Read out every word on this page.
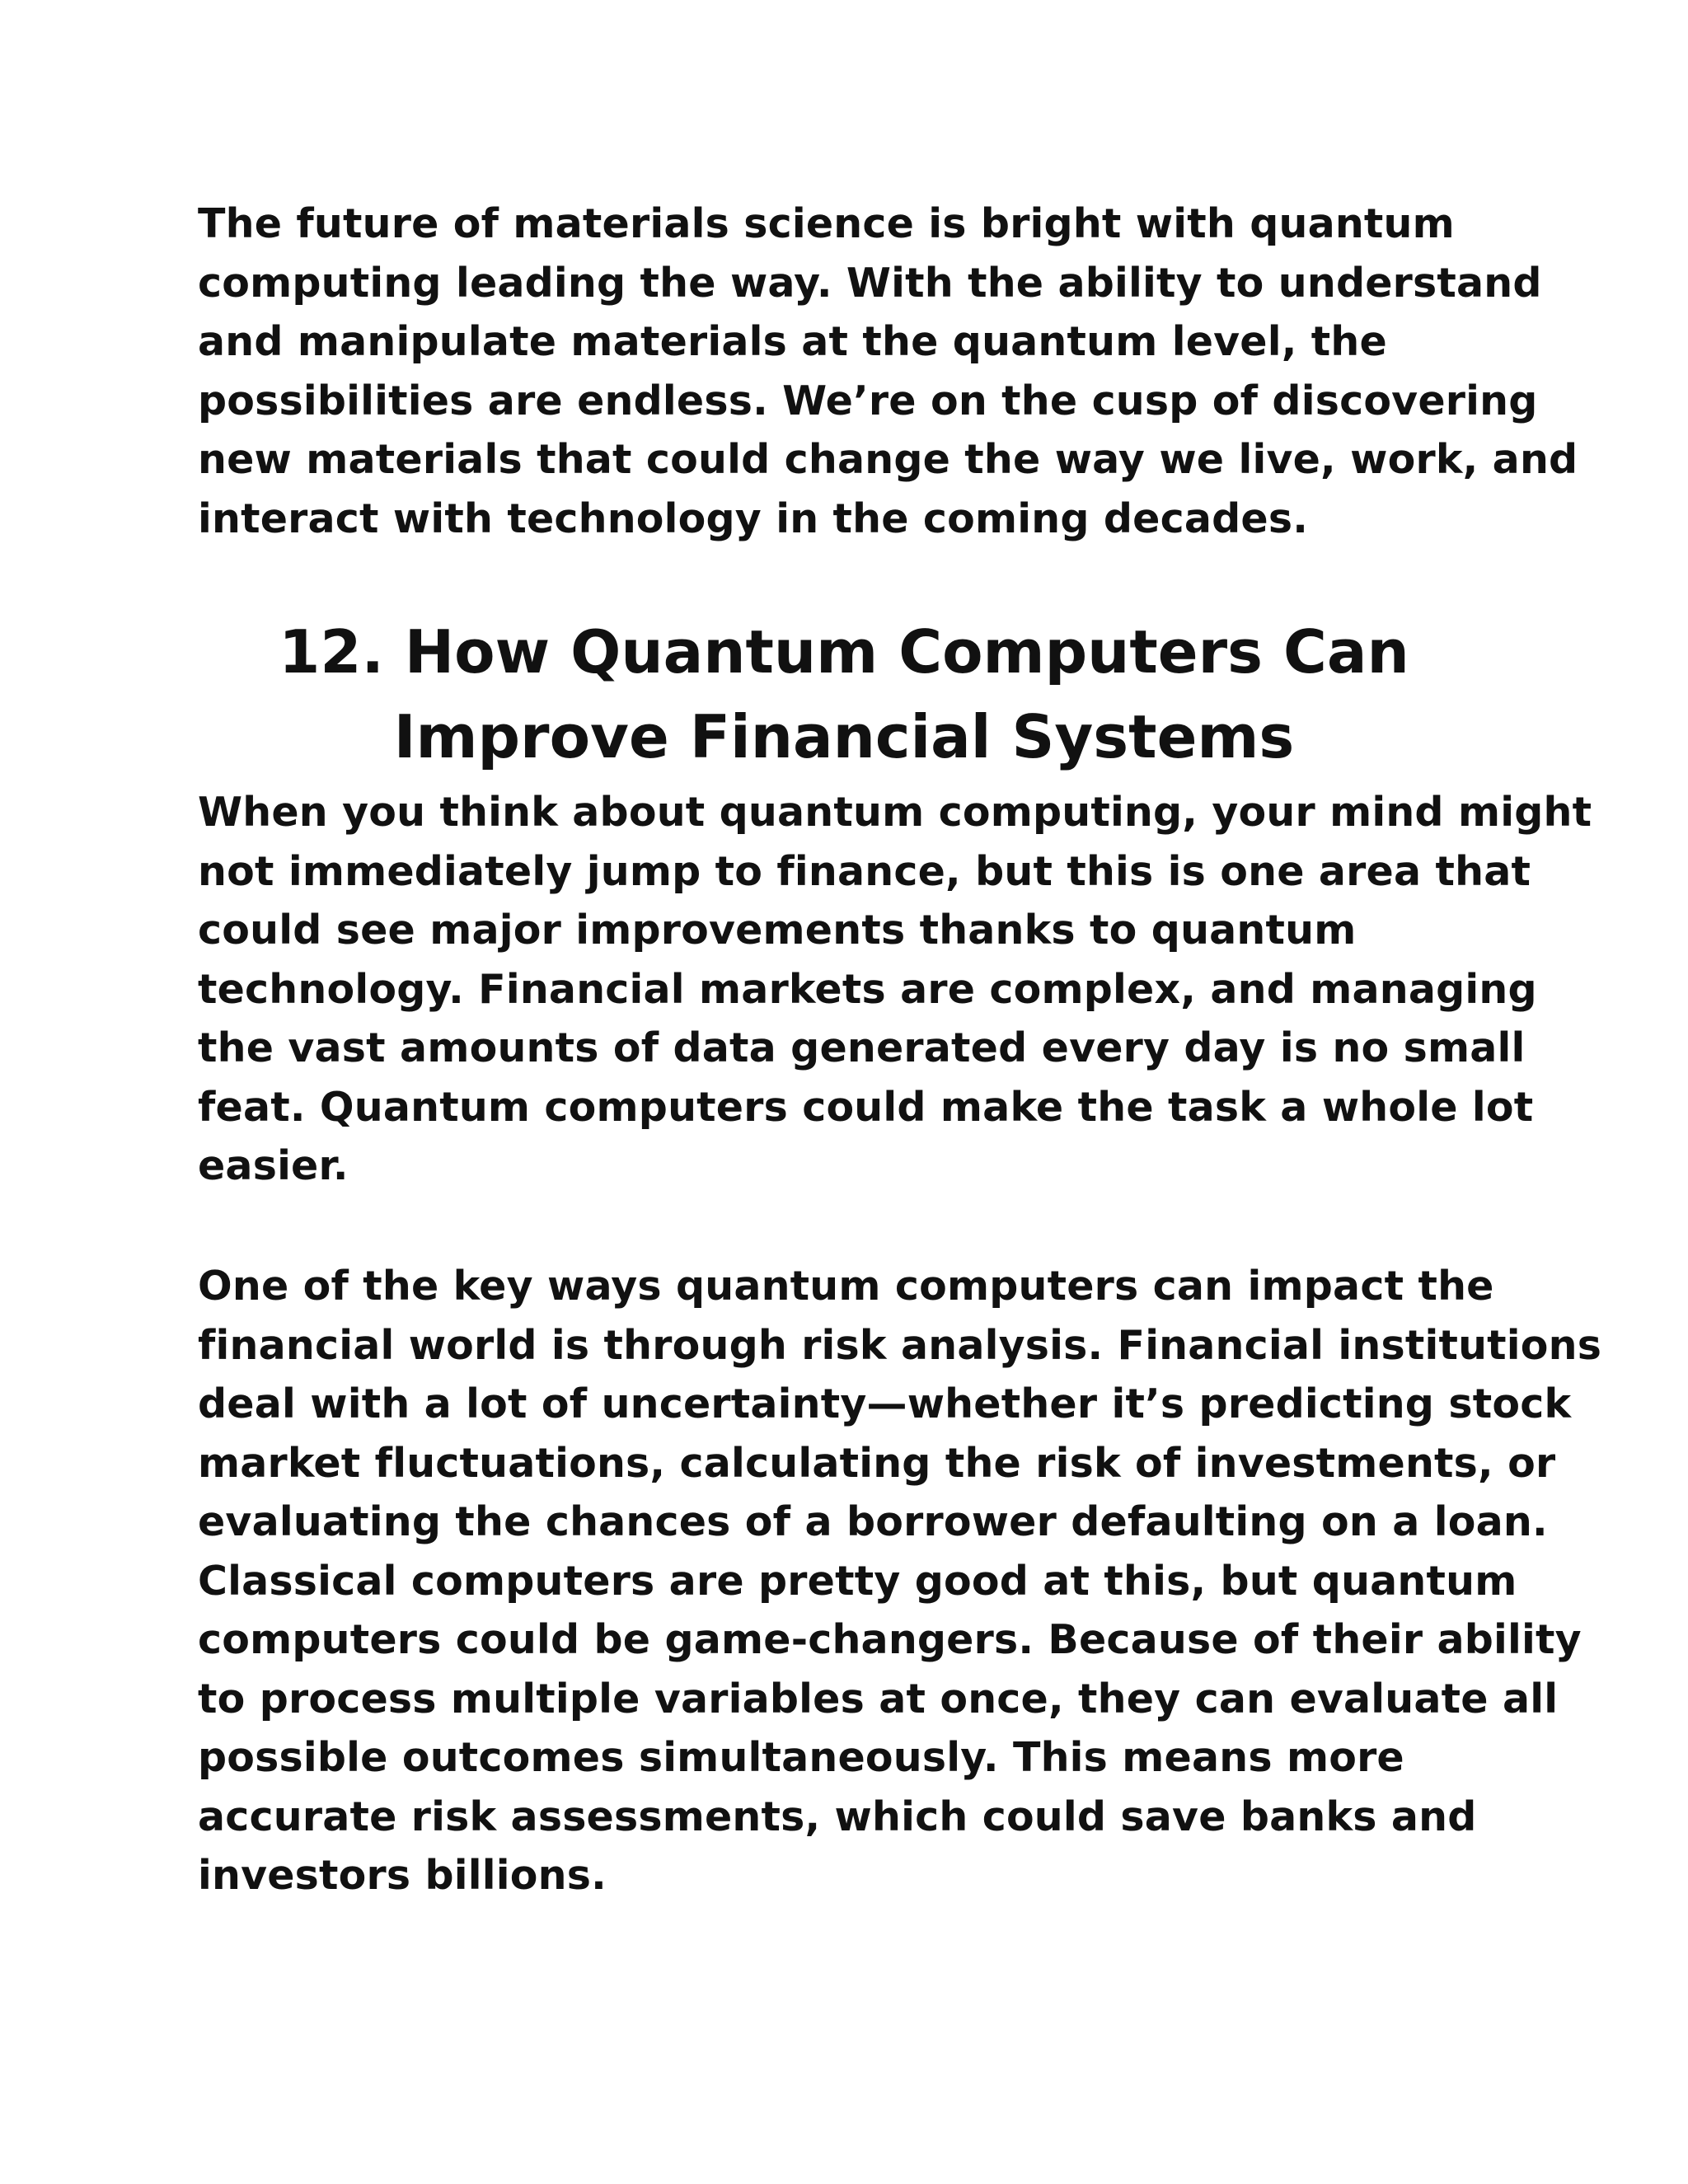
The future of materials science is bright with quantum
computing leading the way. With the ability to understand
and manipulate materials at the quantum level, the
possibilities are endless. We’re on the cusp of discovering
new materials that could change the way we live, work, and
interact with technology in the coming decades.

12. How Quantum Computers Can
Improve Financial Systems

When you think about quantum computing, your mind might
not immediately jump to finance, but this is one area that
could see major improvements thanks to quantum
technology. Financial markets are complex, and managing
the vast amounts of data generated every day is no small
feat. Quantum computers could make the task a whole lot
easier.

One of the key ways quantum computers can impact the
financial world is through risk analysis. Financial institutions
deal with a lot of uncertainty—whether it’s predicting stock
market fluctuations, calculating the risk of investments, or
evaluating the chances of a borrower defaulting on a loan.
Classical computers are pretty good at this, but quantum
computers could be game-changers. Because of their ability
to process multiple variables at once, they can evaluate all
possible outcomes simultaneously. This means more
accurate risk assessments, which could save banks and
investors billions.
